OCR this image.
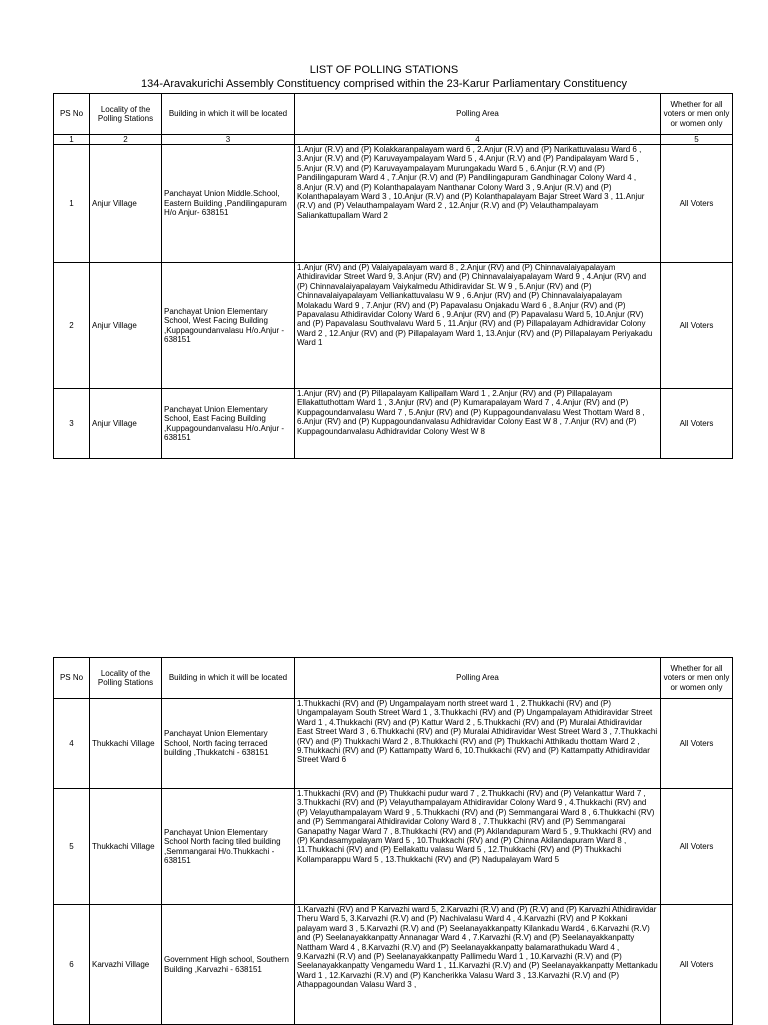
LIST OF POLLING STATIONS
134-Aravakurichi Assembly Constituency comprised within the 23-Karur Parliamentary Constituency
PS No	Locality of the Polling Stations	Building in which it will be located	Polling Area	Whether for all voters or men only or women only
1	2	3	4	5
1	Anjur Village	Panchayat Union Middle.School, Eastern Building ,Pandilingapuram H/o Anjur- 638151	1.Anjur (R.V) and (P) Kolakkaranpalayam ward 6 , 2.Anjur (R.V) and (P) Narikattuvalasu Ward 6 , 3.Anjur (R.V) and (P) Karuvayampalayam Ward 5 , 4.Anjur (R.V) and (P) Pandipalayam Ward 5 , 5.Anjur (R.V) and (P) Karuvayampalayam Murungakadu Ward 5 , 6.Anjur (R.V) and (P) Pandilingapuram Ward 4 , 7.Anjur (R.V) and (P) Pandilingapuram Gandhinagar Colony Ward 4 , 8.Anjur (R.V) and (P) Kolanthapalayam Nanthanar Colony Ward 3 , 9.Anjur (R.V) and (P) Kolanthapalayam Ward 3 , 10.Anjur (R.V) and (P) Kolanthapalayam Bajar Street Ward 3 , 11.Anjur (R.V) and (P) Velauthampalayam Ward 2 , 12.Anjur (R.V) and (P) Velauthampalayam Saliankattupallam Ward 2	All Voters
2	Anjur Village	Panchayat Union Elementary School, West Facing Building ,Kuppagoundanvalasu H/o.Anjur - 638151	1.Anjur (RV) and (P) Valaiyapalayam ward 8 , 2.Anjur (RV) and (P) Chinnavalaiyapalayam Athidiravidar Street Ward 9, 3.Anjur (RV) and (P) Chinnavalaiyapalayam Ward 9 , 4.Anjur (RV) and (P) Chinnavalaiyapalayam Vaiykalmedu Athidiravidar St. W 9 , 5.Anjur (RV) and (P) Chinnavalaiyapalayam Velliankattuvalasu W 9 , 6.Anjur (RV) and (P) Chinnavalaiyapalayam Molakadu Ward 9 , 7.Anjur (RV) and (P) Papavalasu Onjakadu Ward 6 , 8.Anjur (RV) and (P) Papavalasu Athidiravidar Colony Ward 6 , 9.Anjur (RV) and (P) Papavalasu Ward 5, 10.Anjur (RV) and (P) Papavalasu Southvalavu Ward 5 , 11.Anjur (RV) and (P) Pillapalayam Adhidravidar Colony Ward 2 , 12.Anjur (RV) and (P) Pillapalayam Ward 1, 13.Anjur (RV) and (P) Pillapalayam Periyakadu Ward 1	All Voters
3	Anjur Village	Panchayat Union Elementary School, East Facing Building ,Kuppagoundanvalasu H/o.Anjur - 638151	1.Anjur (RV) and (P) Pillapalayam Kallipallam Ward 1 , 2.Anjur (RV) and (P) Pillapalayam Ellakattuthottam Ward 1 , 3.Anjur (RV) and (P) Kumarapalayam Ward 7 , 4.Anjur (RV) and (P) Kuppagoundanvalasu Ward 7 , 5.Anjur (RV) and (P) Kuppagoundanvalasu West Thottam Ward 8 , 6.Anjur (RV) and (P) Kuppagoundanvalasu Adhidravidar Colony East W 8 , 7.Anjur (RV) and (P) Kuppagoundanvalasu Adhidravidar Colony West W 8	All Voters
PS No	Locality of the Polling Stations	Building in which it will be located	Polling Area	Whether for all voters or men only or women only
4	Thukkachi Village	Panchayat Union Elementary School, North facing terraced building ,Thukkatchi - 638151	1.Thukkachi (RV) and (P) Ungampalayam north street ward 1 , 2.Thukkachi (RV) and (P) Ungampalayam South Street Ward 1 , 3.Thukkachi (RV) and (P) Ungampalayam Athidiravidar Street Ward 1 , 4.Thukkachi (RV) and (P) Kattur Ward 2 , 5.Thukkachi (RV) and (P) Muralai Athidiravidar East Street Ward 3 , 6.Thukkachi (RV) and (P) Muralai Athidiravidar West Street Ward 3 , 7.Thukkachi (RV) and (P) Thukkachi Ward 2 , 8.Thukkachi (RV) and (P) Thukkachi Atthikadu thottam Ward 2 , 9.Thukkachi (RV) and (P) Kattampatty Ward 6, 10.Thukkachi (RV) and (P) Kattampatty Athidiravidar Street Ward 6	All Voters
5	Thukkachi Village	Panchayat Union Elementary School North facing tiled building ,Semmangarai H/o.Thukkachi - 638151	1.Thukkachi (RV) and (P) Thukkachi pudur ward 7 , 2.Thukkachi (RV) and (P) Velankattur Ward 7 , 3.Thukkachi (RV) and (P) Velayuthampalayam Athidiravidar Colony Ward 9 , 4.Thukkachi (RV) and (P) Velayuthampalayam Ward 9 , 5.Thukkachi (RV) and (P) Semmangarai Ward 8 , 6.Thukkachi (RV) and (P) Semmangarai Athidiravidar Colony Ward 8 , 7.Thukkachi (RV) and (P) Semmangarai Ganapathy Nagar Ward 7 , 8.Thukkachi (RV) and (P) Akilandapuram Ward 5 , 9.Thukkachi (RV) and (P) Kandasamypalayam Ward 5 , 10.Thukkachi (RV) and (P) Chinna Akilandapuram Ward 8 , 11.Thukkachi (RV) and (P) Eellakattu valasu Ward 5 , 12.Thukkachi (RV) and (P) Thukkachi Kollamparappu Ward 5 , 13.Thukkachi (RV) and (P) Nadupalayam Ward 5	All Voters
6	Karvazhi Village	Government High school, Southern Building ,Karvazhi - 638151	1.Karvazhi (RV) and P Karvazhi ward 5, 2.Karvazhi (R.V) and (P) (R.V) and (P) Karvazhi Athidiravidar Theru Ward 5, 3.Karvazhi (R.V) and (P) Nachivalasu Ward 4 , 4.Karvazhi (RV) and P Kokkani palayam ward 3 , 5.Karvazhi (R.V) and (P) Seelanayakkanpatty Kilankadu Ward4 , 6.Karvazhi (R.V) and (P) Seelanayakkanpatty Annanagar Ward 4 , 7.Karvazhi (R.V) and (P) Seelanayakkanpatty Nattham Ward 4 , 8.Karvazhi (R.V) and (P) Seelanayakkanpatty balamarathukadu Ward 4 , 9.Karvazhi (R.V) and (P) Seelanayakkanpatty Pallimedu Ward 1 , 10.Karvazhi (R.V) and (P) Seelanayakkanpatty Vengamedu Ward 1 , 11.Karvazhi (R.V) and (P) Seelanayakkanpatty Mettankadu Ward 1 , 12.Karvazhi (R.V) and (P) Kancherikka Valasu Ward 3 , 13.Karvazhi (R.V) and (P) Athappagoundan Valasu Ward 3 ,	All Voters
